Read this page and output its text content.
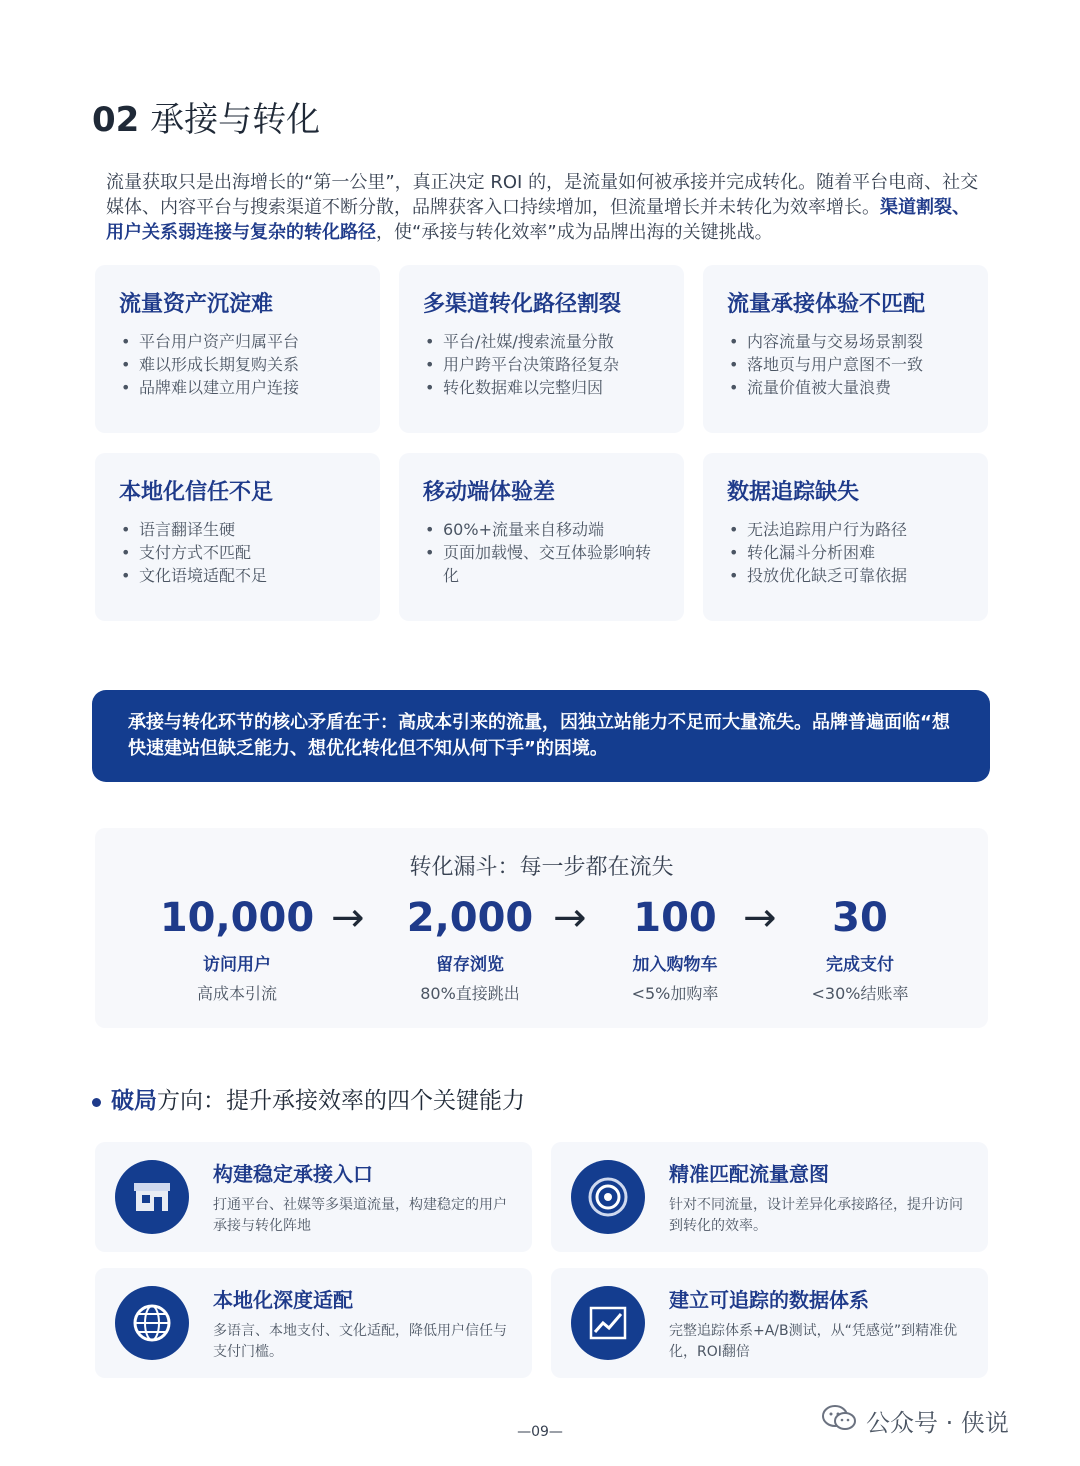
02 承接与转化

流量获取只是出海增长的“第一公里”，真正决定 ROI 的，是流量如何被承接并完成转化。随着平台电商、社交媒体、内容平台与搜索渠道不断分散，品牌获客入口持续增加，但流量增长并未转化为效率增长。渠道割裂、用户关系弱连接与复杂的转化路径，使“承接与转化效率”成为品牌出海的关键挑战。

流量资产沉淀难
• 平台用户资产归属平台
• 难以形成长期复购关系
• 品牌难以建立用户连接
多渠道转化路径割裂
• 平台/社媒/搜索流量分散
• 用户跨平台决策路径复杂
• 转化数据难以完整归因
流量承接体验不匹配
• 内容流量与交易场景割裂
• 落地页与用户意图不一致
• 流量价值被大量浪费
本地化信任不足
• 语言翻译生硬
• 支付方式不匹配
• 文化语境适配不足
移动端体验差
• 60%+流量来自移动端
• 页面加载慢、交互体验影响转化
数据追踪缺失
• 无法追踪用户行为路径
• 转化漏斗分析困难
• 投放优化缺乏可靠依据
承接与转化环节的核心矛盾在于：高成本引来的流量，因独立站能力不足而大量流失。品牌普遍面临“想快速建站但缺乏能力、想优化转化但不知从何下手”的困境。
转化漏斗：每一步都在流失
10,000
访问用户
高成本引流
→	2,000
留存浏览
80%直接跳出
→	100
加入购物车
<5%加购率
→	30
完成支付
<30%结账率
破局方向：提升承接效率的四个关键能力
构建稳定承接入口
打通平台、社媒等多渠道流量，构建稳定的用户承接与转化阵地
精准匹配流量意图
针对不同流量，设计差异化承接路径，提升访问到转化的效率。
本地化深度适配
多语言、本地支付、文化适配，降低用户信任与支付门槛。
建立可追踪的数据体系
完整追踪体系+A/B测试，从“凭感觉”到精准优化，ROI翻倍
—09—	公众号 · 侠说
